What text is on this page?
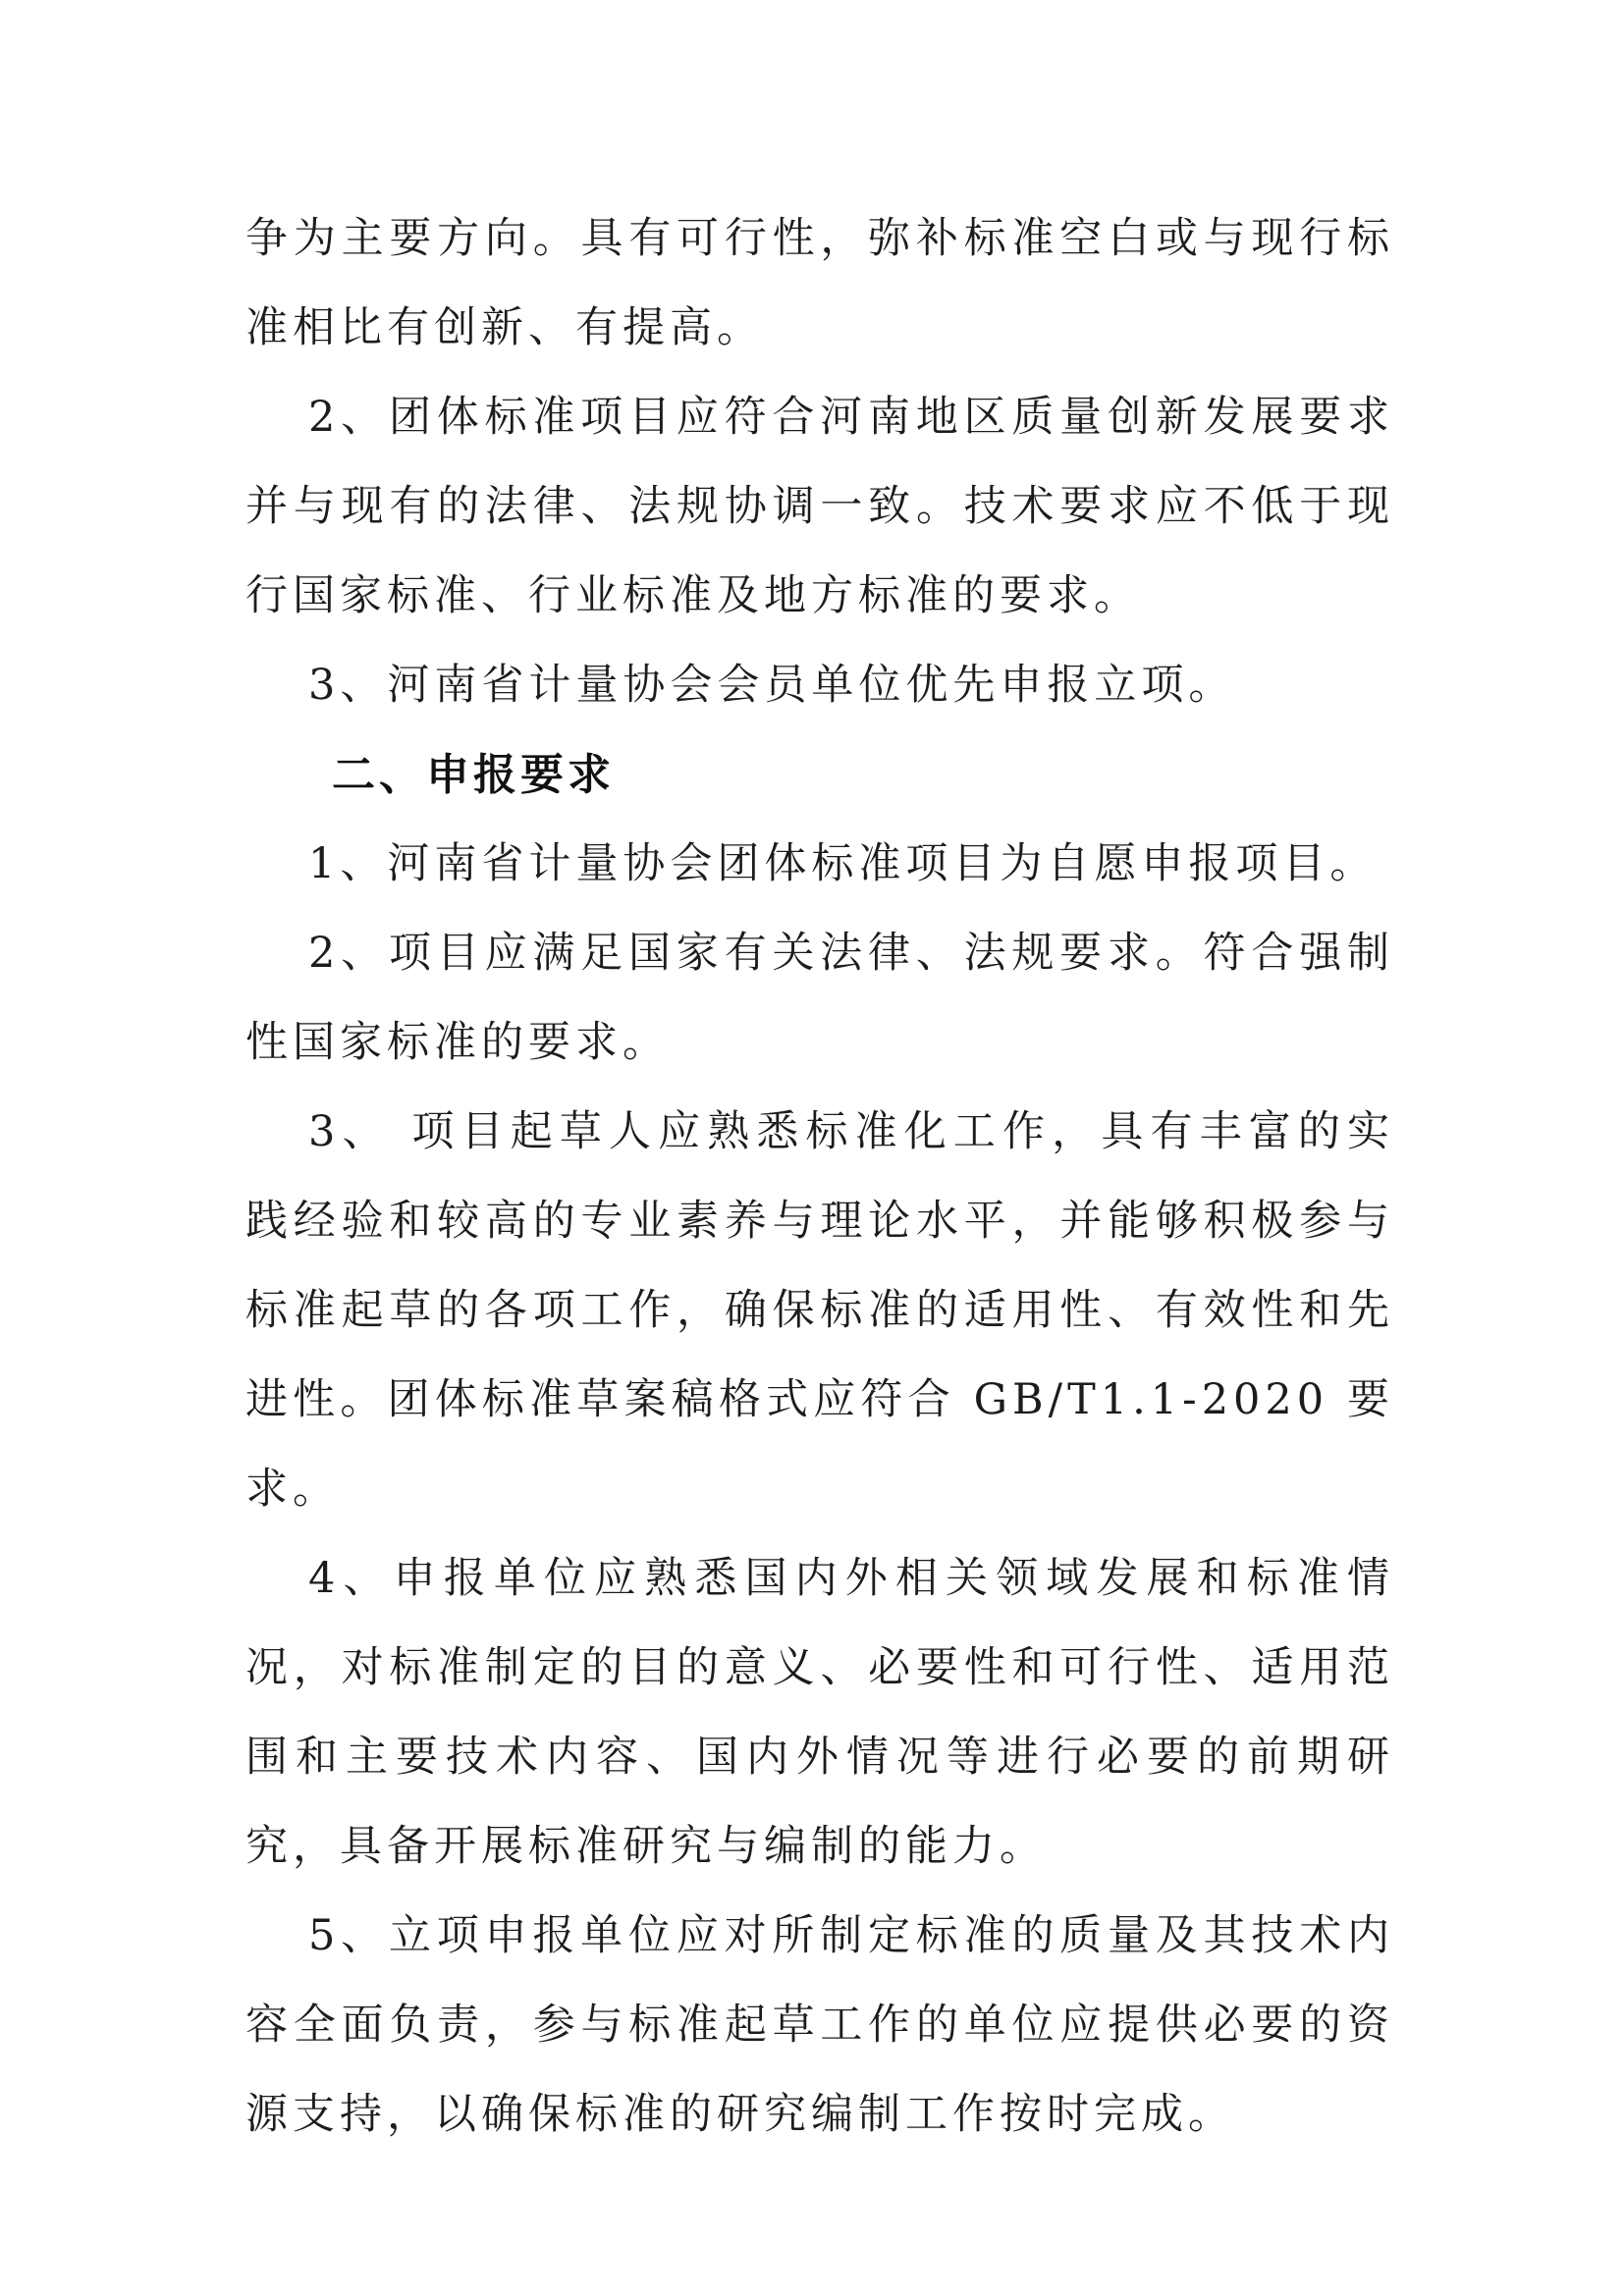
争为主要方向。具有可行性，弥补标准空白或与现行标准相比有创新、有提高。

2、团体标准项目应符合河南地区质量创新发展要求并与现有的法律、法规协调一致。技术要求应不低于现行国家标准、行业标准及地方标准的要求。

3、河南省计量协会会员单位优先申报立项。

二、申报要求

1、河南省计量协会团体标准项目为自愿申报项目。

2、项目应满足国家有关法律、法规要求。符合强制性国家标准的要求。

3、 项目起草人应熟悉标准化工作，具有丰富的实践经验和较高的专业素养与理论水平，并能够积极参与标准起草的各项工作，确保标准的适用性、有效性和先进性。团体标准草案稿格式应符合 GB/T1.1-2020 要求。

4、申报单位应熟悉国内外相关领域发展和标准情况，对标准制定的目的意义、必要性和可行性、适用范围和主要技术内容、国内外情况等进行必要的前期研究，具备开展标准研究与编制的能力。

5、立项申报单位应对所制定标准的质量及其技术内容全面负责，参与标准起草工作的单位应提供必要的资源支持，以确保标准的研究编制工作按时完成。
